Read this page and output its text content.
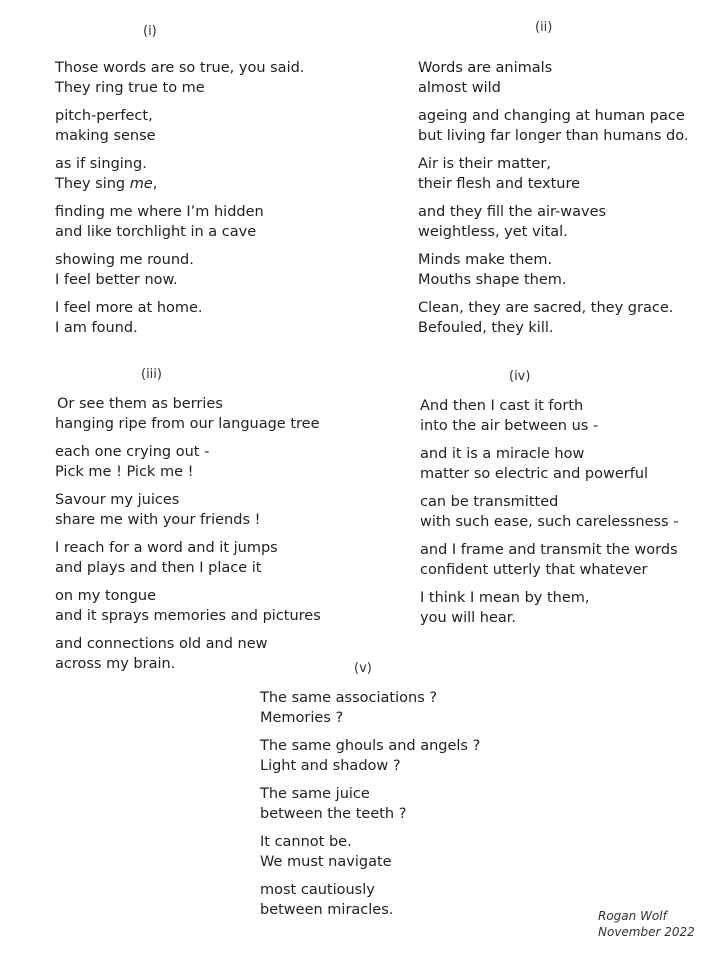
(i)
Those words are so true, you said.
They ring true to me
pitch-perfect,
making sense
as if singing.
They sing me,
finding me where I’m hidden
and like torchlight in a cave
showing me round.
I feel better now.
I feel more at home.
I am found.
(ii)
Words are animals
almost wild
ageing and changing at human pace
but living far longer than humans do.
Air is their matter,
their flesh and texture
and they fill the air-waves
weightless, yet vital.
Minds make them.
Mouths shape them.
Clean, they are sacred, they grace.
Befouled, they kill.
(iii)
Or see them as berries
hanging ripe from our language tree
each one crying out -
Pick me ! Pick me !
Savour my juices
share me with your friends !
I reach for a word and it jumps
and plays and then I place it
on my tongue
and it sprays memories and pictures
and connections old and new
across my brain.
(iv)
And then I cast it forth
into the air between us -
and it is a miracle how
matter so electric and powerful
can be transmitted
with such ease, such carelessness -
and I frame and transmit the words
confident utterly that whatever
I think I mean by them,
you will hear.
(v)
The same associations ?
Memories ?
The same ghouls and angels ?
Light and shadow ?
The same juice
between the teeth ?
It cannot be.
We must navigate
most cautiously
between miracles.	Rogan Wolf
November 2022
